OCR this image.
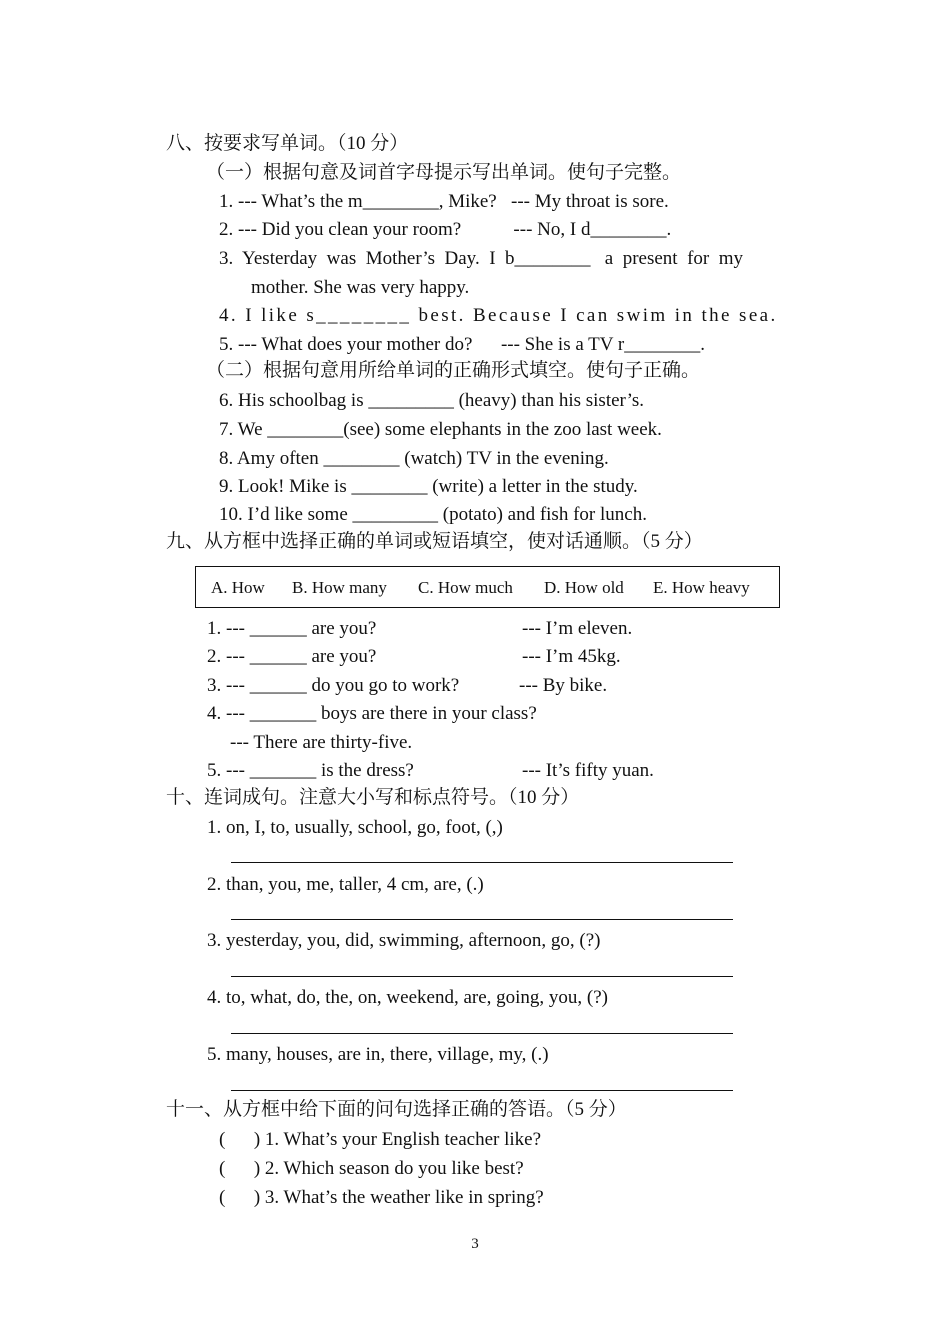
八、按要求写单词。（10 分）
（一）根据句意及词首字母提示写出单词。使句子完整。
1. --- What’s the m________, Mike?   --- My throat is sore.
2. --- Did you clean your room?           --- No, I d________.
3.  Yesterday  was  Mother’s  Day.  I  b________   a  present  for  my
mother. She was very happy.
4. I like s________ best. Because I can swim in the sea.
5. --- What does your mother do?      --- She is a TV r________.
（二）根据句意用所给单词的正确形式填空。使句子正确。
6. His schoolbag is _________ (heavy) than his sister’s.
7. We ________(see) some elephants in the zoo last week.
8. Amy often ________ (watch) TV in the evening.
9. Look! Mike is ________ (write) a letter in the study.
10. I’d like some _________ (potato) and fish for lunch.
九、从方框中选择正确的单词或短语填空，使对话通顺。（5 分）
A. How B. How many C. How much D. How old E. How heavy
1. --- ______ are you?	--- I’m eleven.
2. --- ______ are you?	--- I’m 45kg.
3. --- ______ do you go to work?	--- By bike.
4. --- _______ boys are there in your class?
--- There are thirty-five.
5. --- _______ is the dress?	--- It’s fifty yuan.
十、连词成句。注意大小写和标点符号。（10 分）
1. on, I, to, usually, school, go, foot, (,)
2. than, you, me, taller, 4 cm, are, (.)
3. yesterday, you, did, swimming, afternoon, go, (?)
4. to, what, do, the, on, weekend, are, going, you, (?)
5. many, houses, are in, there, village, my, (.)
十一、从方框中给下面的问句选择正确的答语。（5 分）
(      ) 1. What’s your English teacher like?
(      ) 2. Which season do you like best?
(      ) 3. What’s the weather like in spring?
3
